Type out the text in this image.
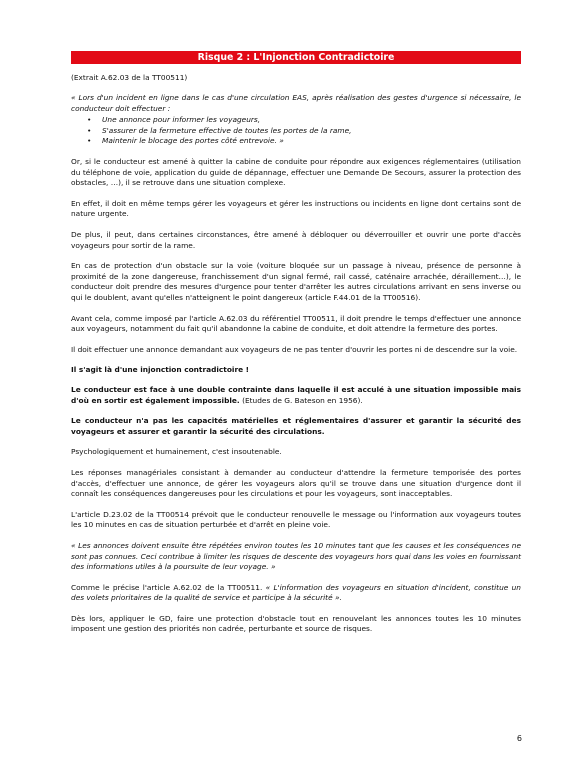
Risque 2 : L'Injonction Contradictoire

(Extrait A.62.03 de la TT00511)

« Lors d'un incident en ligne dans le cas d'une circulation EAS, après réalisation des gestes d'urgence si nécessaire, le conducteur doit effectuer :

• Une annonce pour informer les voyageurs,
• S'assurer de la fermeture effective de toutes les portes de la rame,
• Maintenir le blocage des portes côté entrevoie. »

Or, si le conducteur est amené à quitter la cabine de conduite pour répondre aux exigences réglementaires (utilisation du téléphone de voie, application du guide de dépannage, effectuer une Demande De Secours, assurer la protection des obstacles, …), il se retrouve dans une situation complexe.

En effet, il doit en même temps gérer les voyageurs et gérer les instructions ou incidents en ligne dont certains sont de nature urgente.

De plus, il peut, dans certaines circonstances, être amené à débloquer ou déverrouiller et ouvrir une porte d'accès voyageurs pour sortir de la rame.

En cas de protection d'un obstacle sur la voie (voiture bloquée sur un passage à niveau, présence de personne à proximité de la zone dangereuse, franchissement d'un signal fermé, rail cassé, caténaire arrachée, déraillement…), le conducteur doit prendre des mesures d'urgence pour tenter d'arrêter les autres circulations arrivant en sens inverse ou qui le doublent, avant qu'elles n'atteignent le point dangereux (article F.44.01 de la TT00516).

Avant cela, comme imposé par l'article A.62.03 du référentiel TT00511, il doit prendre le temps d'effectuer une annonce aux voyageurs, notamment du fait qu'il abandonne la cabine de conduite, et doit attendre la fermeture des portes.

Il doit effectuer une annonce demandant aux voyageurs de ne pas tenter d'ouvrir les portes ni de descendre sur la voie.

Il s'agit là d'une injonction contradictoire !

Le conducteur est face à une double contrainte dans laquelle il est acculé à une situation impossible mais d'où en sortir est également impossible. (Etudes de G. Bateson en 1956).

Le conducteur n'a pas les capacités matérielles et réglementaires d'assurer et garantir la sécurité des voyageurs et assurer et garantir la sécurité des circulations.

Psychologiquement et humainement, c'est insoutenable.

Les réponses managériales consistant à demander au conducteur d'attendre la fermeture temporisée des portes d'accès, d'effectuer une annonce, de gérer les voyageurs alors qu'il se trouve dans une situation d'urgence dont il connaît les conséquences dangereuses pour les circulations et pour les voyageurs, sont inacceptables.

L'article D.23.02 de la TT00514 prévoit que le conducteur renouvelle le message ou l'information aux voyageurs toutes les 10 minutes en cas de situation perturbée et d'arrêt en pleine voie.

« Les annonces doivent ensuite être répétées environ toutes les 10 minutes tant que les causes et les conséquences ne sont pas connues. Ceci contribue à limiter les risques de descente des voyageurs hors quai dans les voies en fournissant des informations utiles à la poursuite de leur voyage. »

Comme le précise l'article A.62.02 de la TT00511. « L'information des voyageurs en situation d'incident, constitue un des volets prioritaires de la qualité de service et participe à la sécurité ».

Dès lors, appliquer le GD, faire une protection d'obstacle tout en renouvelant les annonces toutes les 10 minutes imposent une gestion des priorités non cadrée, perturbante et source de risques.

6
